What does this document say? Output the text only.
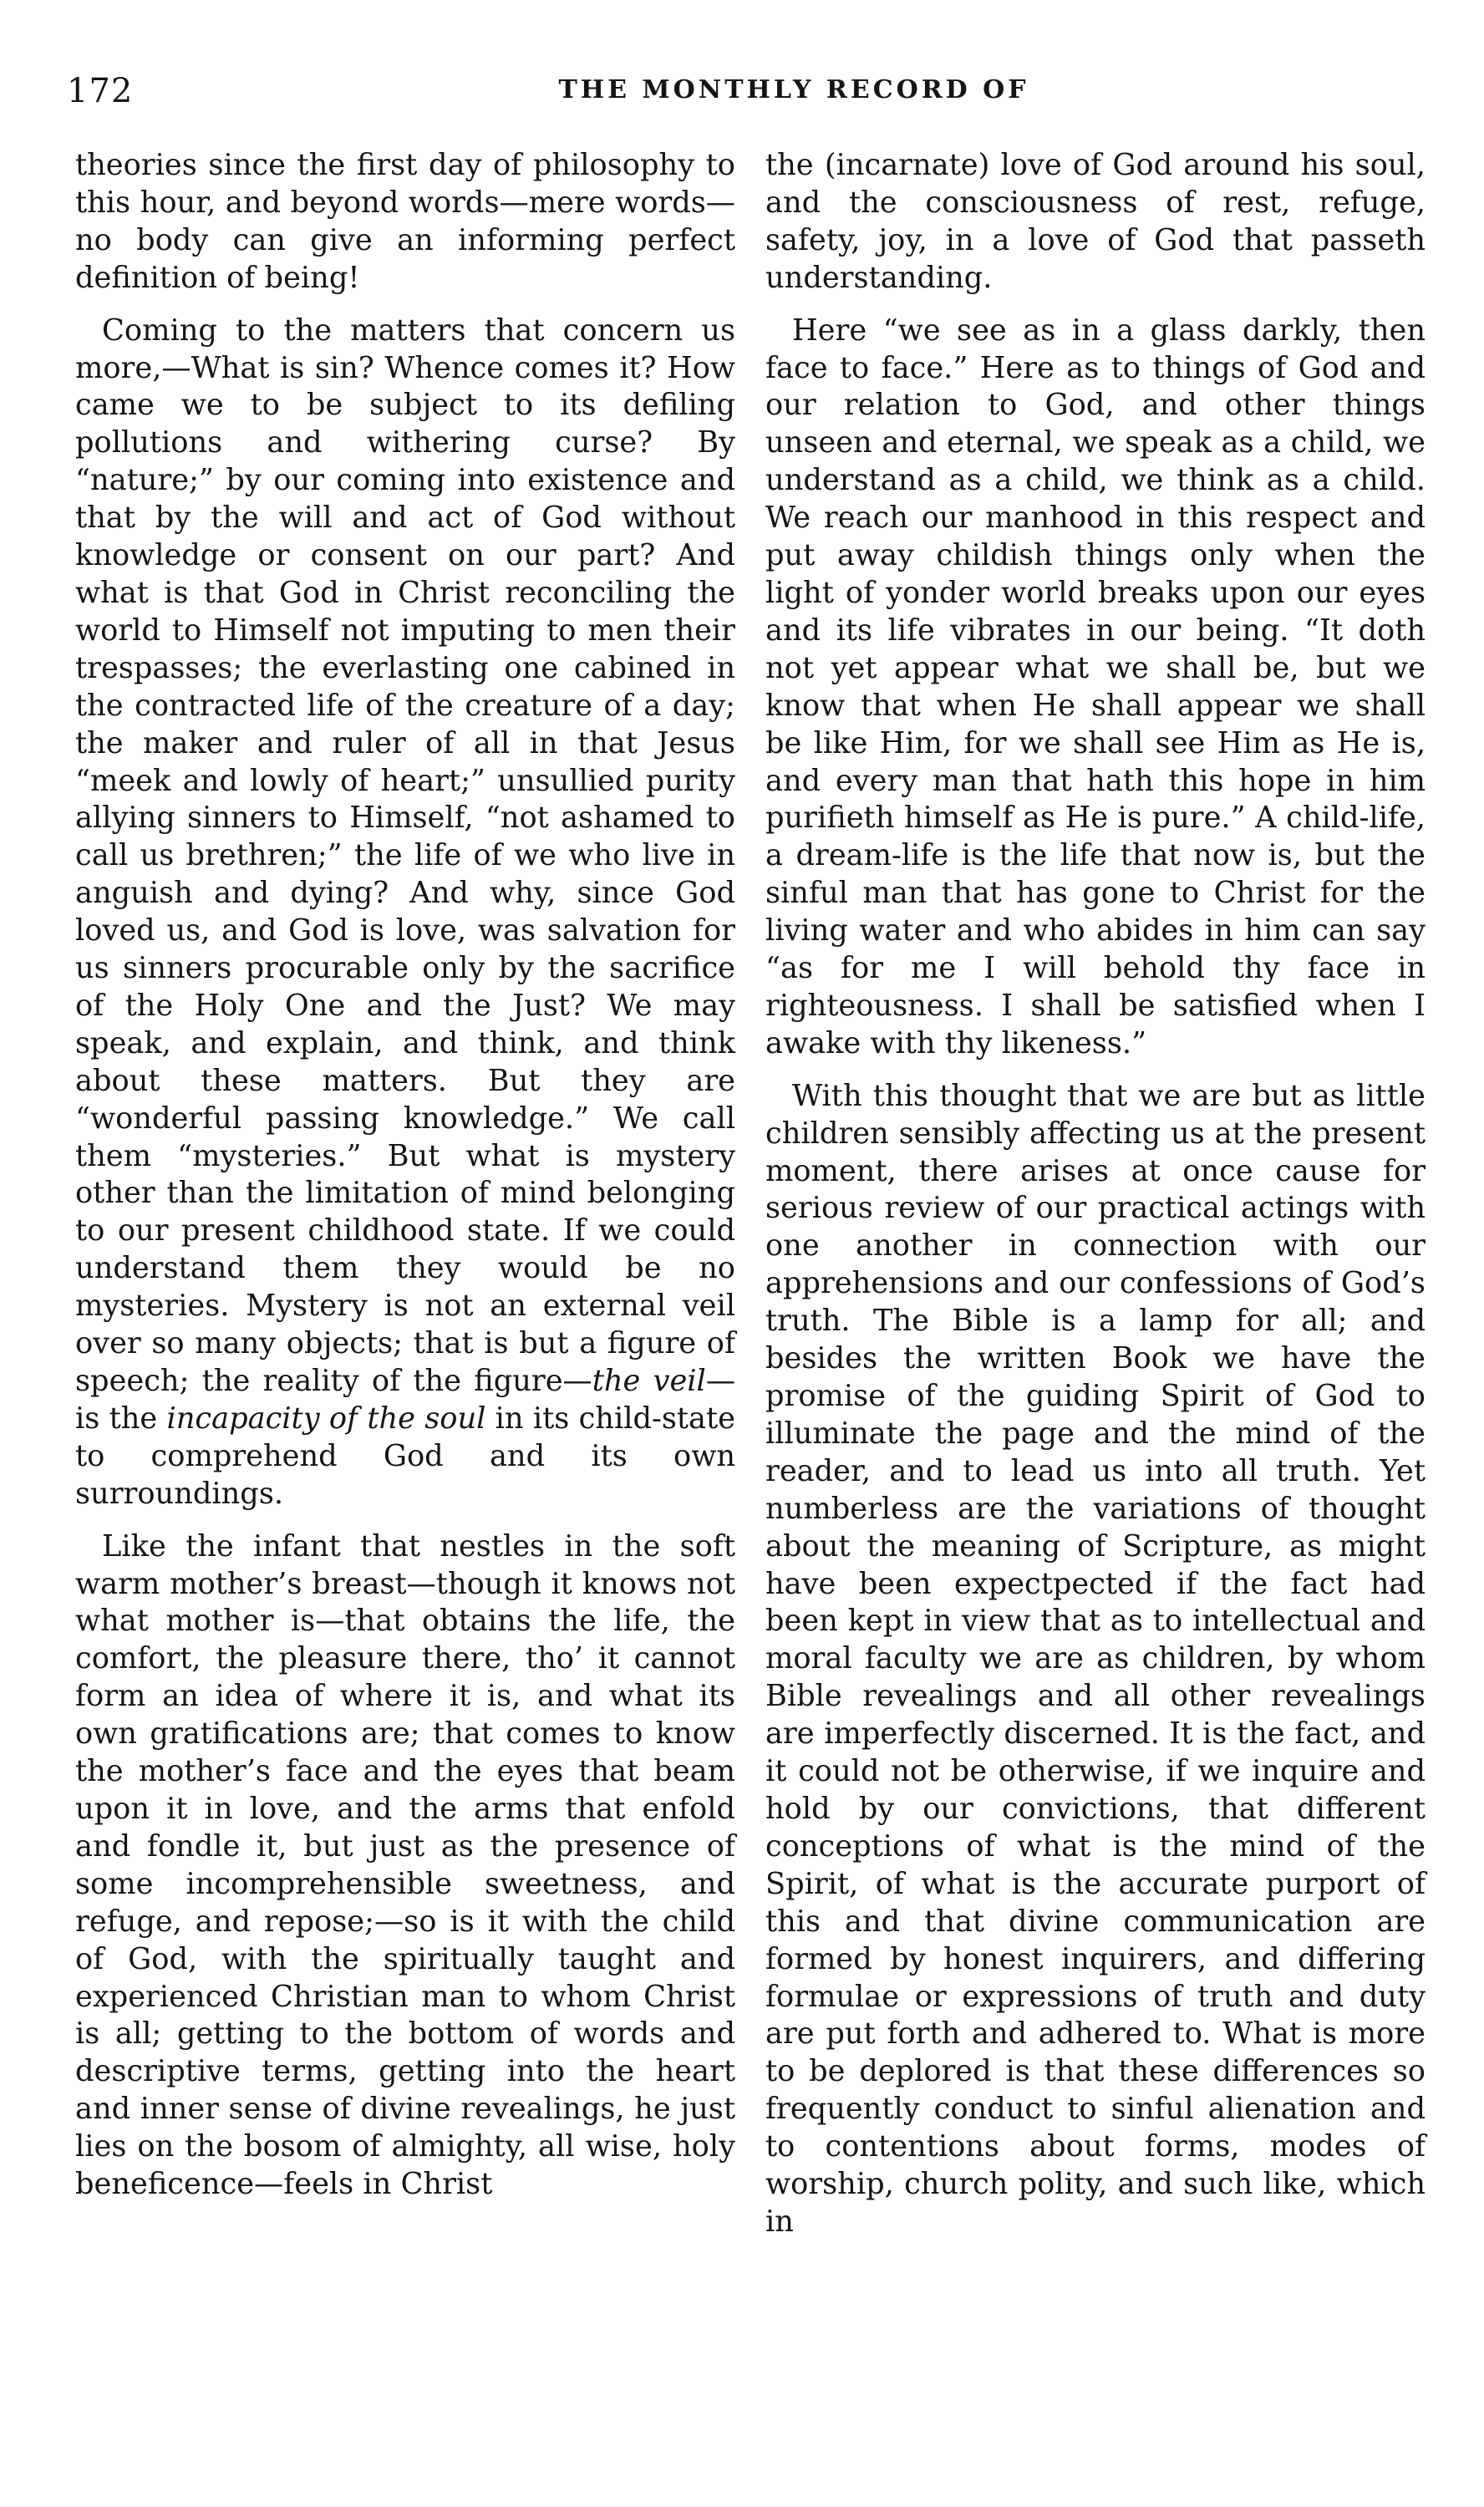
172	THE MONTHLY RECORD OF

theories since the first day of philosophy to this hour, and beyond words—mere words—no body can give an informing perfect definition of being!

Coming to the matters that concern us more,—What is sin? Whence comes it? How came we to be subject to its defiling pollutions and withering curse? By “nature;” by our coming into existence and that by the will and act of God without knowledge or consent on our part? And what is that God in Christ reconciling the world to Himself not imputing to men their trespasses; the everlasting one cabined in the contracted life of the creature of a day; the maker and ruler of all in that Jesus “meek and lowly of heart;” unsullied purity allying sinners to Himself, “not ashamed to call us brethren;” the life of we who live in anguish and dying? And why, since God loved us, and God is love, was salvation for us sinners procurable only by the sacrifice of the Holy One and the Just? We may speak, and explain, and think, and think about these matters. But they are “wonderful passing knowledge.” We call them “mysteries.” But what is mystery other than the limitation of mind belonging to our present childhood state. If we could understand them they would be no mysteries. Mystery is not an external veil over so many objects; that is but a figure of speech; the reality of the figure—the veil—is the incapacity of the soul in its child-state to comprehend God and its own surroundings.

Like the infant that nestles in the soft warm mother’s breast—though it knows not what mother is—that obtains the life, the comfort, the pleasure there, tho’ it cannot form an idea of where it is, and what its own gratifications are; that comes to know the mother’s face and the eyes that beam upon it in love, and the arms that enfold and fondle it, but just as the presence of some incomprehensible sweetness, and refuge, and repose;—so is it with the child of God, with the spiritually taught and experienced Christian man to whom Christ is all; getting to the bottom of words and descriptive terms, getting into the heart and inner sense of divine revealings, he just lies on the bosom of almighty, all wise, holy beneficence—feels in Christ

the (incarnate) love of God around his soul, and the consciousness of rest, refuge, safety, joy, in a love of God that passeth understanding.

Here “we see as in a glass darkly, then face to face.” Here as to things of God and our relation to God, and other things unseen and eternal, we speak as a child, we understand as a child, we think as a child. We reach our manhood in this respect and put away childish things only when the light of yonder world breaks upon our eyes and its life vibrates in our being. “It doth not yet appear what we shall be, but we know that when He shall appear we shall be like Him, for we shall see Him as He is, and every man that hath this hope in him purifieth himself as He is pure.” A child-life, a dream-life is the life that now is, but the sinful man that has gone to Christ for the living water and who abides in him can say “as for me I will behold thy face in righteousness. I shall be satisfied when I awake with thy likeness.”

With this thought that we are but as little children sensibly affecting us at the present moment, there arises at once cause for serious review of our practical actings with one another in connection with our apprehensions and our confessions of God’s truth. The Bible is a lamp for all; and besides the written Book we have the promise of the guiding Spirit of God to illuminate the page and the mind of the reader, and to lead us into all truth. Yet numberless are the variations of thought about the meaning of Scripture, as might have been expectpected if the fact had been kept in view that as to intellectual and moral faculty we are as children, by whom Bible revealings and all other revealings are imperfectly discerned. It is the fact, and it could not be otherwise, if we inquire and hold by our convictions, that different conceptions of what is the mind of the Spirit, of what is the accurate purport of this and that divine communication are formed by honest inquirers, and differing formulae or expressions of truth and duty are put forth and adhered to. What is more to be deplored is that these differences so frequently conduct to sinful alienation and to contentions about forms, modes of worship, church polity, and such like, which in
